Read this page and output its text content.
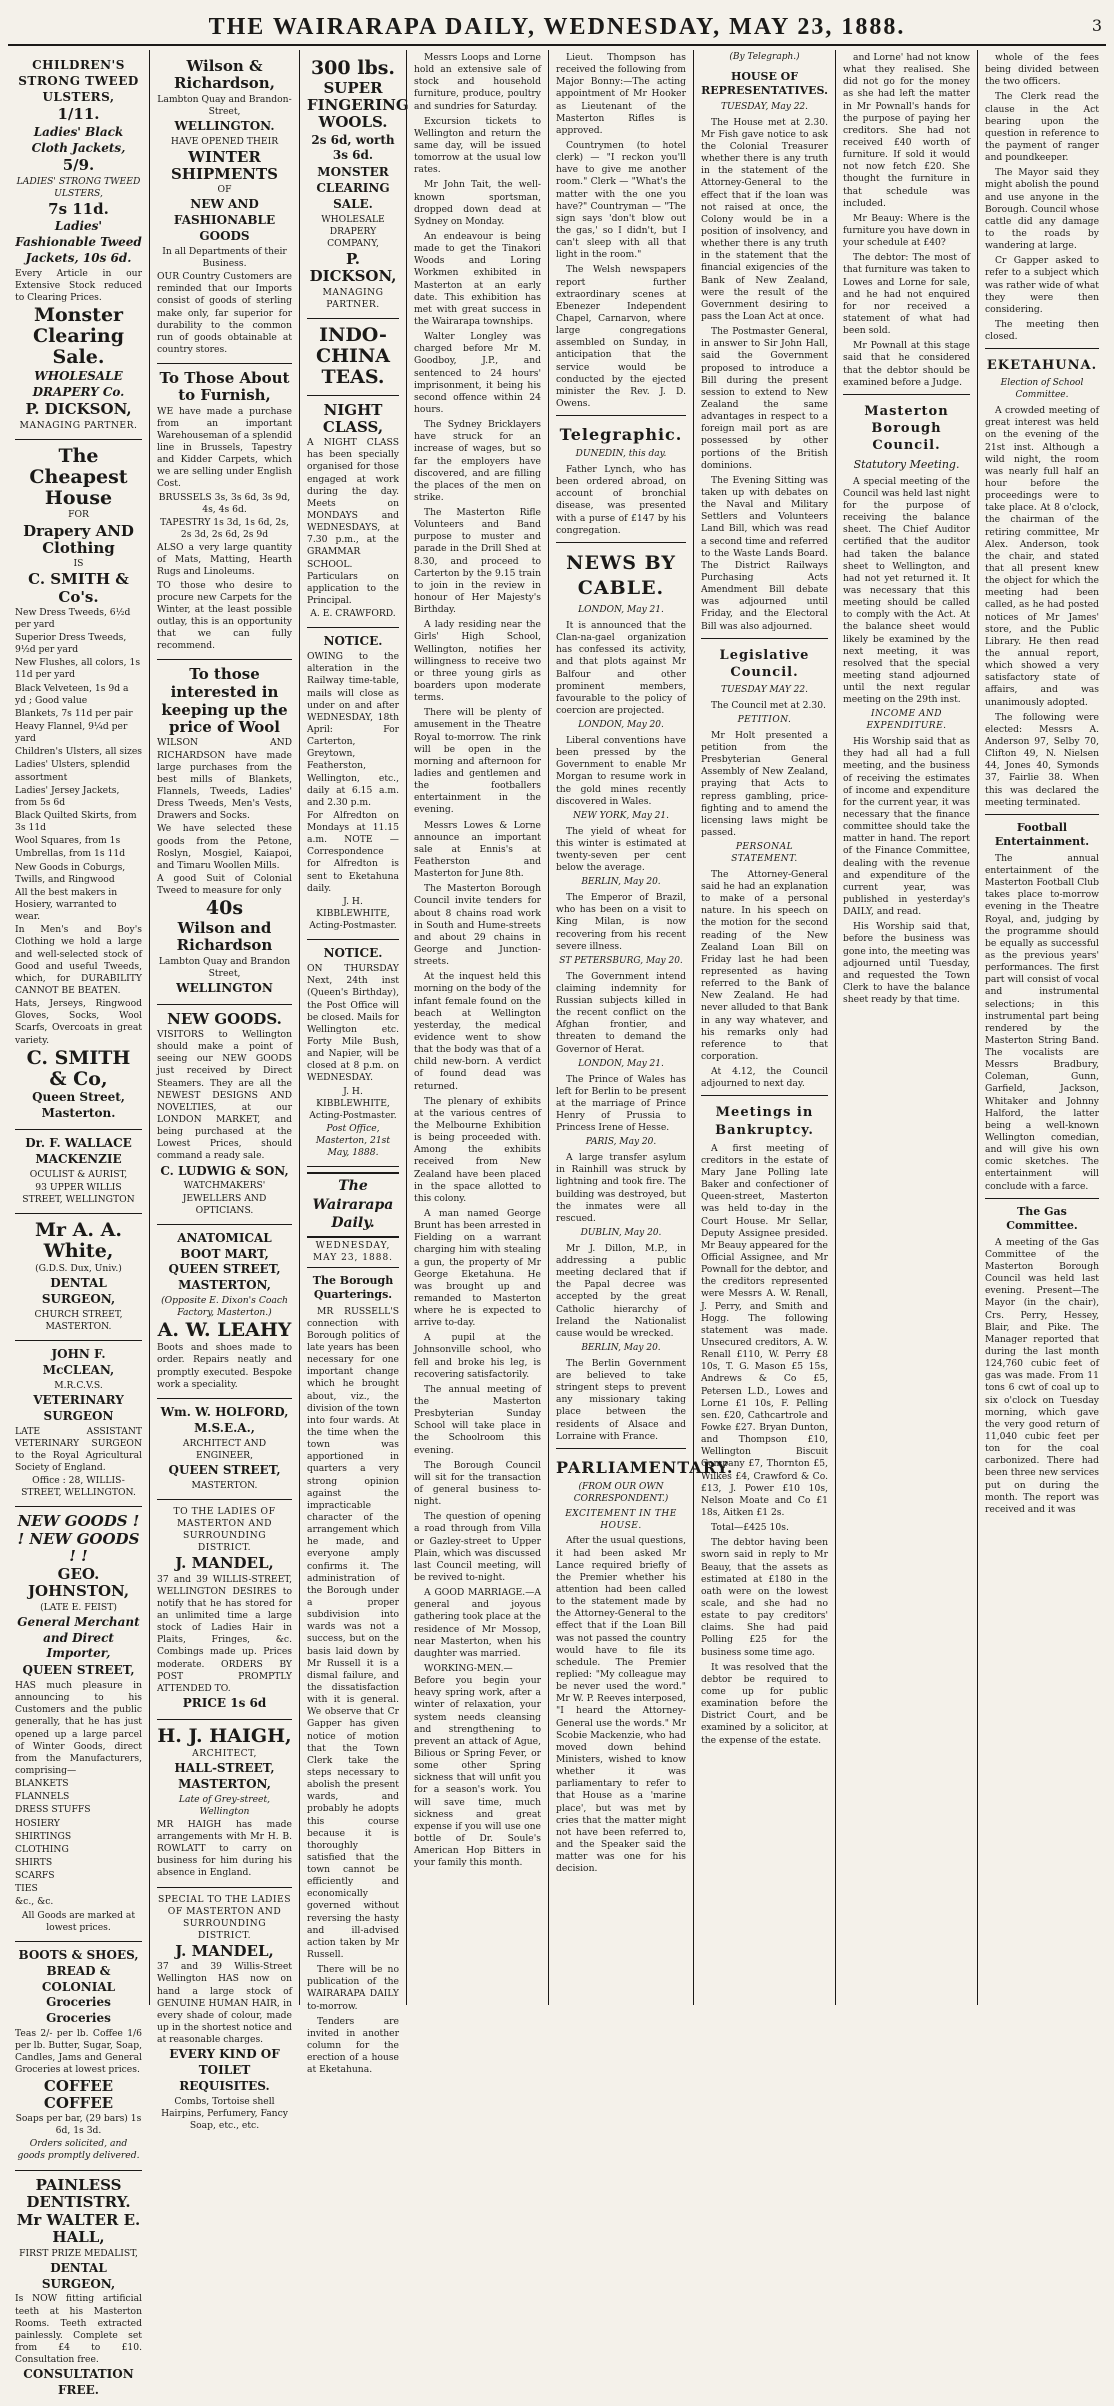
THE WAIRARAPA DAILY, WEDNESDAY, MAY 23, 1888.	3

CHILDREN'S STRONG TWEED ULSTERS,

1/11.

Ladies' Black Cloth Jackets,

5/9.

LADIES' STRONG TWEED ULSTERS,

7s 11d.

Ladies' Fashionable Tweed Jackets, 10s 6d.

Every Article in our Extensive Stock reduced to Clearing Prices.

Monster Clearing Sale.

WHOLESALE DRAPERY Co.

P. DICKSON,

MANAGING PARTNER.

The Cheapest House

FOR

Drapery AND Clothing

IS

C. SMITH & Co's.

New Dress Tweeds, 6½d per yard

Superior Dress Tweeds, 9½d per yard

New Flushes, all colors, 1s 11d per yard

Black Velveteen, 1s 9d a yd ; Good value

Blankets, 7s 11d per pair

Heavy Flannel, 9¼d per yard

Children's Ulsters, all sizes

Ladies' Ulsters, splendid assortment

Ladies' Jersey Jackets, from 5s 6d

Black Quilted Skirts, from 3s 11d

Wool Squares, from 1s

Umbrellas, from 1s 11d

New Goods in Coburgs, Twills, and Ringwood

All the best makers in Hosiery, warranted to wear.

In Men's and Boy's Clothing we hold a large and well-selected stock of Good and useful Tweeds, which, for DURABILITY CANNOT BE BEATEN.

Hats, Jerseys, Ringwood Gloves, Socks, Wool Scarfs, Overcoats in great variety.

C. SMITH & Co,

Queen Street, Masterton.

Dr. F. WALLACE MACKENZIE

OCULIST & AURIST,

93 UPPER WILLIS STREET, WELLINGTON

Mr A. A. White,

(G.D.S. Dux, Univ.)

DENTAL SURGEON,

CHURCH STREET, MASTERTON.

JOHN F. McCLEAN,

M.R.C.V.S.

VETERINARY SURGEON

LATE ASSISTANT VETERINARY SURGEON to the Royal Agricultural Society of England.

Office : 28, WILLIS-STREET, WELLINGTON.

NEW GOODS ! ! NEW GOODS ! !

GEO. JOHNSTON,

(LATE E. FEIST)

General Merchant and Direct Importer,

QUEEN STREET,

HAS much pleasure in announcing to his Customers and the public generally, that he has just opened up a large parcel of Winter Goods, direct from the Manufacturers, comprising—

BLANKETS

FLANNELS

DRESS STUFFS

HOSIERY

SHIRTINGS

CLOTHING

SHIRTS

SCARFS

TIES

&c., &c.

All Goods are marked at lowest prices.

BOOTS & SHOES, BREAD & COLONIAL Groceries Groceries

Teas 2/- per lb. Coffee 1/6 per lb. Butter, Sugar, Soap, Candles, Jams and General Groceries at lowest prices.

COFFEE COFFEE

Soaps per bar, (29 bars) 1s 6d, 1s 3d.

Orders solicited, and goods promptly delivered.

PAINLESS DENTISTRY.

Mr WALTER E. HALL,

FIRST PRIZE MEDALIST,

DENTAL SURGEON,

Is NOW fitting artificial teeth at his Masterton Rooms. Teeth extracted painlessly. Complete set from £4 to £10. Consultation free.

CONSULTATION FREE.

Wilson & Richardson,

Lambton Quay and Brandon-Street,

WELLINGTON.

HAVE OPENED THEIR

WINTER SHIPMENTS

OF

NEW AND FASHIONABLE GOODS

In all Departments of their Business.

OUR Country Customers are reminded that our Imports consist of goods of sterling make only, far superior for durability to the common run of goods obtainable at country stores.

To Those About to Furnish,

WE have made a purchase from an important Warehouseman of a splendid line in Brussels, Tapestry and Kidder Carpets, which we are selling under English Cost.

BRUSSELS 3s, 3s 6d, 3s 9d, 4s, 4s 6d.

TAPESTRY 1s 3d, 1s 6d, 2s, 2s 3d, 2s 6d, 2s 9d

ALSO a very large quantity of Mats, Matting, Hearth Rugs and Linoleums.

TO those who desire to procure new Carpets for the Winter, at the least possible outlay, this is an opportunity that we can fully recommend.

To those interested in

keeping up the price of Wool

WILSON AND RICHARDSON have made large purchases from the best mills of Blankets, Flannels, Tweeds, Ladies' Dress Tweeds, Men's Vests, Drawers and Socks.

We have selected these goods from the Petone, Roslyn, Mosgiel, Kaiapoi, and Timaru Woollen Mills.

A good Suit of Colonial Tweed to measure for only

40s

Wilson and Richardson

Lambton Quay and Brandon Street,

WELLINGTON

NEW GOODS.

VISITORS to Wellington should make a point of seeing our NEW GOODS just received by Direct Steamers. They are all the NEWEST DESIGNS AND NOVELTIES, at our LONDON MARKET, and being purchased at the Lowest Prices, should command a ready sale.

C. LUDWIG & SON,

WATCHMAKERS' JEWELLERS AND OPTICIANS.

ANATOMICAL BOOT MART, QUEEN STREET, MASTERTON,

(Opposite E. Dixon's Coach Factory, Masterton.)

A. W. LEAHY

Boots and shoes made to order. Repairs neatly and promptly executed. Bespoke work a speciality.

Wm. W. HOLFORD, M.S.E.A.,

ARCHITECT AND ENGINEER,

QUEEN STREET,

MASTERTON.

TO THE LADIES OF MASTERTON AND SURROUNDING DISTRICT.

J. MANDEL,

37 and 39 WILLIS-STREET, WELLINGTON DESIRES to notify that he has stored for an unlimited time a large stock of Ladies Hair in Plaits, Fringes, &c. Combings made up. Prices moderate. ORDERS BY POST PROMPTLY ATTENDED TO.

PRICE 1s 6d

H. J. HAIGH,

ARCHITECT,

HALL-STREET, MASTERTON,

Late of Grey-street, Wellington

MR HAIGH has made arrangements with Mr H. B. ROWLATT to carry on business for him during his absence in England.

SPECIAL TO THE LADIES OF MASTERTON AND SURROUNDING DISTRICT.

J. MANDEL,

37 and 39 Willis-Street Wellington HAS now on hand a large stock of GENUINE HUMAN HAIR, in every shade of colour, made up in the shortest notice and at reasonable charges.

EVERY KIND OF TOILET REQUISITES.

Combs, Tortoise shell Hairpins, Perfumery, Fancy Soap, etc., etc.

300 lbs.

SUPER FINGERING WOOLS.

2s 6d, worth 3s 6d.

MONSTER CLEARING SALE.

WHOLESALE DRAPERY COMPANY,

P. DICKSON,

MANAGING PARTNER.

INDO-CHINA TEAS.

NIGHT CLASS,

A NIGHT CLASS has been specially organised for those engaged at work during the day. Meets on MONDAYS and WEDNESDAYS, at 7.30 p.m., at the GRAMMAR SCHOOL. Particulars on application to the Principal.

A. E. CRAWFORD.

NOTICE.

OWING to the alteration in the Railway time-table, mails will close as under on and after WEDNESDAY, 18th April: For Carterton, Greytown, Featherston, Wellington, etc., daily at 6.15 a.m. and 2.30 p.m.

For Alfredton on Mondays at 11.15 a.m. NOTE — Correspondence for Alfredton is sent to Eketahuna daily.

J. H. KIBBLEWHITE, Acting-Postmaster.

NOTICE.

ON THURSDAY Next, 24th inst (Queen's Birthday), the Post Office will be closed. Mails for Wellington etc. Forty Mile Bush, and Napier, will be closed at 8 p.m. on WEDNESDAY.

J. H. KIBBLEWHITE, Acting-Postmaster.

Post Office, Masterton, 21st May, 1888.

The Wairarapa Daily.
WEDNESDAY, MAY 23, 1888.
The Borough Quarterings.

MR RUSSELL'S connection with Borough politics of late years has been necessary for one important change which he brought about, viz., the division of the town into four wards. At the time when the town was apportioned in quarters a very strong opinion against the impracticable character of the arrangement which he made, and everyone amply confirms it. The administration of the Borough under a proper subdivision into wards was not a success, but on the basis laid down by Mr Russell it is a dismal failure, and the dissatisfaction with it is general. We observe that Cr Gapper has given notice of motion that the Town Clerk take the steps necessary to abolish the present wards, and probably he adopts this course because it is thoroughly satisfied that the town cannot be efficiently and economically governed without reversing the hasty and ill-advised action taken by Mr Russell.

There will be no publication of the WAIRARAPA DAILY to-morrow.

Tenders are invited in another column for the erection of a house at Eketahuna.

Messrs Loops and Lorne hold an extensive sale of stock and household furniture, produce, poultry and sundries for Saturday.

Excursion tickets to Wellington and return the same day, will be issued tomorrow at the usual low rates.

Mr John Tait, the well-known sportsman, dropped down dead at Sydney on Monday.

An endeavour is being made to get the Tinakori Woods and Loring Workmen exhibited in Masterton at an early date. This exhibition has met with great success in the Wairarapa townships.

Walter Longley was charged before Mr M. Goodboy, J.P., and sentenced to 24 hours' imprisonment, it being his second offence within 24 hours.

The Sydney Bricklayers have struck for an increase of wages, but so far the employers have discovered, and are filling the places of the men on strike.

The Masterton Rifle Volunteers and Band purpose to muster and parade in the Drill Shed at 8.30, and proceed to Carterton by the 9.15 train to join in the review in honour of Her Majesty's Birthday.

A lady residing near the Girls' High School, Wellington, notifies her willingness to receive two or three young girls as boarders upon moderate terms.

There will be plenty of amusement in the Theatre Royal to-morrow. The rink will be open in the morning and afternoon for ladies and gentlemen and the footballers entertainment in the evening.

Messrs Lowes & Lorne announce an important sale at Ennis's at Featherston and Masterton for June 8th.

The Masterton Borough Council invite tenders for about 8 chains road work in South and Hume-streets and about 29 chains in George and Junction-streets.

At the inquest held this morning on the body of the infant female found on the beach at Wellington yesterday, the medical evidence went to show that the body was that of a child new-born. A verdict of found dead was returned.

The plenary of exhibits at the various centres of the Melbourne Exhibition is being proceeded with. Among the exhibits received from New Zealand have been placed in the space allotted to this colony.

A man named George Brunt has been arrested in Fielding on a warrant charging him with stealing a gun, the property of Mr George Eketahuna. He was brought up and remanded to Masterton where he is expected to arrive to-day.

A pupil at the Johnsonville school, who fell and broke his leg, is recovering satisfactorily.

The annual meeting of the Masterton Presbyterian Sunday School will take place in the Schoolroom this evening.

The Borough Council will sit for the transaction of general business to-night.

The question of opening a road through from Villa or Gazley-street to Upper Plain, which was discussed last Council meeting, will be revived to-night.

A GOOD MARRIAGE.—A general and joyous gathering took place at the residence of Mr Mossop, near Masterton, when his daughter was married.

WORKING-MEN.—Before you begin your heavy spring work, after a winter of relaxation, your system needs cleansing and strengthening to prevent an attack of Ague, Bilious or Spring Fever, or some other Spring sickness that will unfit you for a season's work. You will save time, much sickness and great expense if you will use one bottle of Dr. Soule's American Hop Bitters in your family this month.

Lieut. Thompson has received the following from Major Bonny:—The acting appointment of Mr Hooker as Lieutenant of the Masterton Rifles is approved.

Countrymen (to hotel clerk) — "I reckon you'll have to give me another room." Clerk — "What's the matter with the one you have?" Countryman — "The sign says 'don't blow out the gas,' so I didn't, but I can't sleep with all that light in the room."

The Welsh newspapers report further extraordinary scenes at Ebenezer Independent Chapel, Carnarvon, where large congregations assembled on Sunday, in anticipation that the service would be conducted by the ejected minister the Rev. J. D. Owens.

Telegraphic.
DUNEDIN, this day.

Father Lynch, who has been ordered abroad, on account of bronchial disease, was presented with a purse of £147 by his congregation.

NEWS BY CABLE.
LONDON, May 21.

It is announced that the Clan-na-gael organization has confessed its activity, and that plots against Mr Balfour and other prominent members, favourable to the policy of coercion are projected.

LONDON, May 20.

Liberal conventions have been pressed by the Government to enable Mr Morgan to resume work in the gold mines recently discovered in Wales.

NEW YORK, May 21.

The yield of wheat for this winter is estimated at twenty-seven per cent below the average.

BERLIN, May 20.

The Emperor of Brazil, who has been on a visit to King Milan, is now recovering from his recent severe illness.

ST PETERSBURG, May 20.

The Government intend claiming indemnity for Russian subjects killed in the recent conflict on the Afghan frontier, and threaten to demand the Governor of Herat.

LONDON, May 21.

The Prince of Wales has left for Berlin to be present at the marriage of Prince Henry of Prussia to Princess Irene of Hesse.

PARIS, May 20.

A large transfer asylum in Rainhill was struck by lightning and took fire. The building was destroyed, but the inmates were all rescued.

DUBLIN, May 20.

Mr J. Dillon, M.P., in addressing a public meeting declared that if the Papal decree was accepted by the great Catholic hierarchy of Ireland the Nationalist cause would be wrecked.

BERLIN, May 20.

The Berlin Government are believed to take stringent steps to prevent any missionary taking place between the residents of Alsace and Lorraine with France.

PARLIAMENTARY.
(FROM OUR OWN CORRESPONDENT.)
EXCITEMENT IN THE HOUSE.

After the usual questions, it had been asked Mr Lance required briefly of the Premier whether his attention had been called to the statement made by the Attorney-General to the effect that if the Loan Bill was not passed the country would have to file its schedule. The Premier replied: "My colleague may be never used the word." Mr W. P. Reeves interposed, "I heard the Attorney-General use the words." Mr Scobie Mackenzie, who had moved down behind Ministers, wished to know whether it was parliamentary to refer to that House as a 'marine place', but was met by cries that the matter might not have been referred to, and the Speaker said the matter was one for his decision.

(By Telegraph.)
HOUSE OF REPRESENTATIVES.
TUESDAY, May 22.

The House met at 2.30. Mr Fish gave notice to ask the Colonial Treasurer whether there is any truth in the statement of the Attorney-General to the effect that if the loan was not raised at once, the Colony would be in a position of insolvency, and whether there is any truth in the statement that the financial exigencies of the Bank of New Zealand, were the result of the Government desiring to pass the Loan Act at once.

The Postmaster General, in answer to Sir John Hall, said the Government proposed to introduce a Bill during the present session to extend to New Zealand the same advantages in respect to a foreign mail port as are possessed by other portions of the British dominions.

The Evening Sitting was taken up with debates on the Naval and Military Settlers and Volunteers Land Bill, which was read a second time and referred to the Waste Lands Board. The District Railways Purchasing Acts Amendment Bill debate was adjourned until Friday, and the Electoral Bill was also adjourned.

Legislative Council.
TUESDAY MAY 22.

The Council met at 2.30.

PETITION.

Mr Holt presented a petition from the Presbyterian General Assembly of New Zealand, praying that Acts to repress gambling, price-fighting and to amend the licensing laws might be passed.

PERSONAL STATEMENT.

The Attorney-General said he had an explanation to make of a personal nature. In his speech on the motion for the second reading of the New Zealand Loan Bill on Friday last he had been represented as having referred to the Bank of New Zealand. He had never alluded to that Bank in any way whatever, and his remarks only had reference to that corporation.

At 4.12, the Council adjourned to next day.

Meetings in Bankruptcy.

A first meeting of creditors in the estate of Mary Jane Polling late Baker and confectioner of Queen-street, Masterton was held to-day in the Court House. Mr Sellar, Deputy Assignee presided. Mr Beauy appeared for the Official Assignee, and Mr Pownall for the debtor, and the creditors represented were Messrs A. W. Renall, J. Perry, and Smith and Hogg. The following statement was made. Unsecured creditors, A. W. Renall £110, W. Perry £8 10s, T. G. Mason £5 15s, Andrews & Co £5, Petersen L.D., Lowes and Lorne £1 10s, F. Pelling sen. £20, Cathcartrole and Fowke £27. Bryan Dunton, and Thompson £10, Wellington Biscuit Company £7, Thornton £5, Wilkes £4, Crawford & Co. £13, J. Power £10 10s, Nelson Moate and Co £1 18s, Aitken £1 2s.

Total—£425 10s.

The debtor having been sworn said in reply to Mr Beauy, that the assets as estimated at £180 in the oath were on the lowest scale, and she had no estate to pay creditors' claims. She had paid Polling £25 for the business some time ago.

It was resolved that the debtor be required to come up for public examination before the District Court, and be examined by a solicitor, at the expense of the estate.

and Lorne' had not know what they realised. She did not go for the money as she had left the matter in Mr Pownall's hands for the purpose of paying her creditors. She had not received £40 worth of furniture. If sold it would not now fetch £20. She thought the furniture in that schedule was included.

Mr Beauy: Where is the furniture you have down in your schedule at £40?

The debtor: The most of that furniture was taken to Lowes and Lorne for sale, and he had not enquired for nor received a statement of what had been sold.

Mr Pownall at this stage said that he considered that the debtor should be examined before a Judge.

Masterton Borough Council.
Statutory Meeting.

A special meeting of the Council was held last night for the purpose of receiving the balance sheet. The Chief Auditor certified that the auditor had taken the balance sheet to Wellington, and had not yet returned it. It was necessary that this meeting should be called to comply with the Act. At the balance sheet would likely be examined by the next meeting, it was resolved that the special meeting stand adjourned until the next regular meeting on the 29th inst.

INCOME AND EXPENDITURE.

His Worship said that as they had all had a full meeting, and the business of receiving the estimates of income and expenditure for the current year, it was necessary that the finance committee should take the matter in hand. The report of the Finance Committee, dealing with the revenue and expenditure of the current year, was published in yesterday's DAILY, and read.

His Worship said that, before the business was gone into, the meeting was adjourned until Tuesday, and requested the Town Clerk to have the balance sheet ready by that time.

whole of the fees being divided between the two officers.

The Clerk read the clause in the Act bearing upon the question in reference to the payment of ranger and poundkeeper.

The Mayor said they might abolish the pound and use anyone in the Borough. Council whose cattle did any damage to the roads by wandering at large.

Cr Gapper asked to refer to a subject which was rather wide of what they were then considering.

The meeting then closed.

EKETAHUNA.
Election of School Committee.

A crowded meeting of great interest was held on the evening of the 21st inst. Although a wild night, the room was nearly full half an hour before the proceedings were to take place. At 8 o'clock, the chairman of the retiring committee, Mr Alex. Anderson, took the chair, and stated that all present knew the object for which the meeting had been called, as he had posted notices of Mr James' store, and the Public Library. He then read the annual report, which showed a very satisfactory state of affairs, and was unanimously adopted.

The following were elected: Messrs A. Anderson 97, Selby 70, Clifton 49, N. Nielsen 44, Jones 40, Symonds 37, Fairlie 38. When this was declared the meeting terminated.

Football Entertainment.

The annual entertainment of the Masterton Football Club takes place to-morrow evening in the Theatre Royal, and, judging by the programme should be equally as successful as the previous years' performances. The first part will consist of vocal and instrumental selections; in this instrumental part being rendered by the Masterton String Band. The vocalists are Messrs Bradbury, Coleman, Gunn, Garfield, Jackson, Whitaker and Johnny Halford, the latter being a well-known Wellington comedian, and will give his own comic sketches. The entertainment will conclude with a farce.

The Gas Committee.

A meeting of the Gas Committee of the Masterton Borough Council was held last evening. Present—The Mayor (in the chair), Crs. Perry, Hessey, Blair, and Pike. The Manager reported that during the last month 124,760 cubic feet of gas was made. From 11 tons 6 cwt of coal up to six o'clock on Tuesday morning, which gave the very good return of 11,040 cubic feet per ton for the coal carbonized. There had been three new services put on during the month. The report was received and it was
